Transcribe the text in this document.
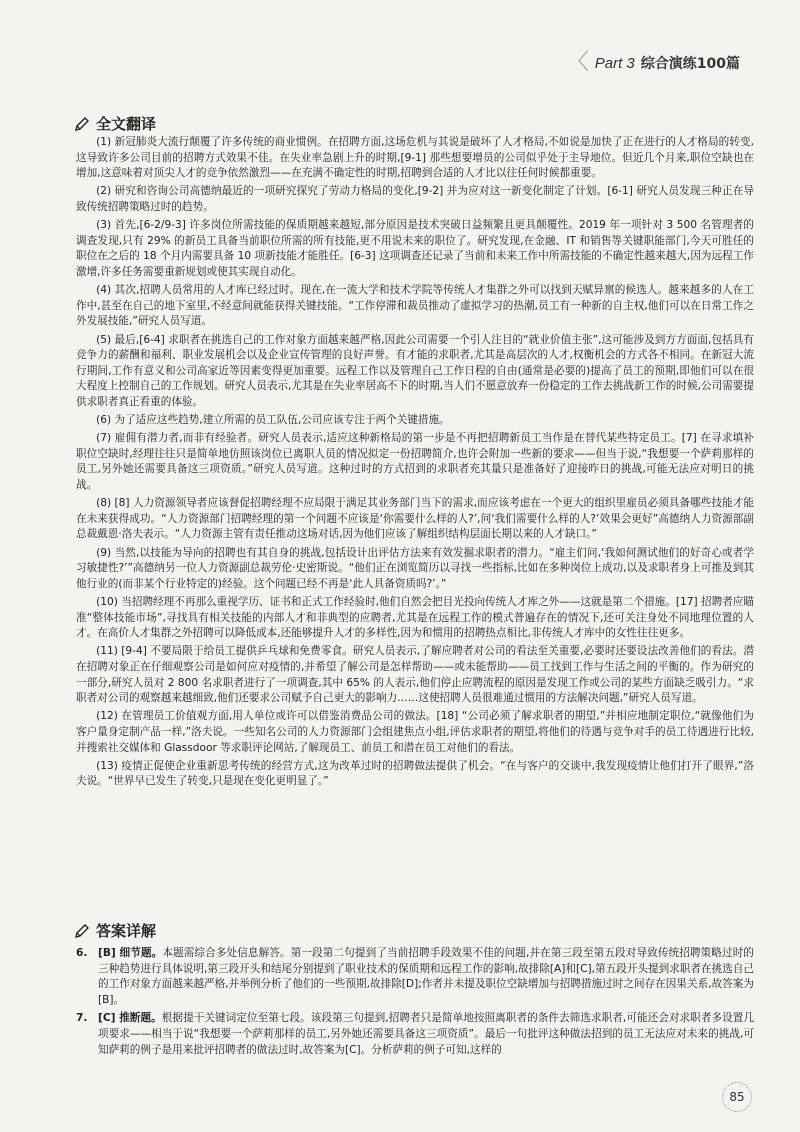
〈 Part 3 综合演练100篇
全文翻译

(1) 新冠肺炎大流行颠覆了许多传统的商业惯例。在招聘方面,这场危机与其说是破坏了人才格局,不如说是加快了正在进行的人才格局的转变,这导致许多公司目前的招聘方式效果不佳。在失业率急剧上升的时期,[9-1] 那些想要增员的公司似乎处于主导地位。但近几个月来,职位空缺也在增加,这意味着对顶尖人才的竞争依然激烈——在充满不确定性的时期,招聘到合适的人才比以往任何时候都重要。

(2) 研究和咨询公司高德纳最近的一项研究探究了劳动力格局的变化,[9-2] 并为应对这一新变化制定了计划。[6-1] 研究人员发现三种正在导致传统招聘策略过时的趋势。

(3) 首先,[6-2/9-3] 许多岗位所需技能的保质期越来越短,部分原因是技术突破日益频繁且更具颠覆性。2019 年一项针对 3 500 名管理者的调查发现,只有 29% 的新员工具备当前职位所需的所有技能,更不用说未来的职位了。研究发现,在金融、IT 和销售等关键职能部门,今天可胜任的职位在之后的 18 个月内需要具备 10 项新技能才能胜任。[6-3] 这项调查还记录了当前和未来工作中所需技能的不确定性越来越大,因为远程工作激增,许多任务需要重新规划或使其实现自动化。

(4) 其次,招聘人员常用的人才库已经过时。现在,在一流大学和技术学院等传统人才集群之外可以找到天赋异禀的候选人。越来越多的人在工作中,甚至在自己的地下室里,不经意间就能获得关键技能。“工作停滞和裁员推动了虚拟学习的热潮,员工有一种新的自主权,他们可以在日常工作之外发展技能,”研究人员写道。

(5) 最后,[6-4] 求职者在挑选自己的工作对象方面越来越严格,因此公司需要一个引人注目的“就业价值主张”,这可能涉及到方方面面,包括具有竞争力的薪酬和福利、职业发展机会以及企业宣传管理的良好声誉。有才能的求职者,尤其是高层次的人才,权衡机会的方式各不相同。在新冠大流行期间,工作有意义和公司高家近等因素变得更加重要。远程工作以及管理自己工作日程的自由(通常是必要的)提高了员工的预期,即他们可以在很大程度上控制自己的工作规划。研究人员表示,尤其是在失业率居高不下的时期,当人们不愿意放弃一份稳定的工作去挑战新工作的时候,公司需要提供求职者真正看重的体验。

(6) 为了适应这些趋势,建立所需的员工队伍,公司应该专注于两个关键措施。

(7) 雇佣有潜力者,而非有经验者。研究人员表示,适应这种新格局的第一步是不再把招聘新员工当作是在替代某些特定员工。[7] 在寻求填补职位空缺时,经理往往只是简单地仿照该岗位已离职人员的情况拟定一份招聘简介,也许会附加一些新的要求——但当于说,“我想要一个萨莉那样的员工,另外她还需要具备这三项资质。”研究人员写道。这种过时的方式招到的求职者充其量只是准备好了迎接昨日的挑战,可能无法应对明日的挑战。

(8) [8] 人力资源领导者应该督促招聘经理不应局限于满足其业务部门当下的需求,而应该考虑在一个更大的组织里雇员必须具备哪些技能才能在未来获得成功。“人力资源部门招聘经理的第一个问题不应该是‘你需要什么样的人?’,问‘我们需要什么样的人?’效果会更好”高德纳人力资源部副总裁戴恩·洛夫表示。“人力资源主管有责任推动这场对话,因为他们应该了解组织结构层面长期以来的人才缺口。”

(9) 当然,以技能为导向的招聘也有其自身的挑战,包括设计出评估方法来有效发掘求职者的潜力。“雇主们问,‘我如何测试他们的好奇心或者学习敏捷性?’”高德纳另一位人力资源副总裁劳伦·史密斯说。“他们正在浏览简历以寻找一些指标,比如在多种岗位上成功,以及求职者身上可推及到其他行业的(而非某个行业特定的)经验。这个问题已经不再是‘此人具备资质吗?’。”

(10) 当招聘经理不再那么重视学历、证书和正式工作经验时,他们自然会把目光投向传统人才库之外——这就是第二个措施。[17] 招聘者应瞄准“整体技能市场”,寻找具有相关技能的内部人才和非典型的应聘者,尤其是在远程工作的模式普遍存在的情况下,还可关注身处不同地理位置的人才。在高价人才集群之外招聘可以降低成本,还能够提升人才的多样性,因为和惯用的招聘热点相比,非传统人才库中的女性往往更多。

(11) [9-4] 不要局限于给员工提供乒乓球和免费零食。研究人员表示,了解应聘者对公司的看法至关重要,必要时还要设法改善他们的看法。潜在招聘对象正在仔细观察公司是如何应对疫情的,并希望了解公司是怎样帮助——或未能帮助——员工找到工作与生活之间的平衡的。作为研究的一部分,研究人员对 2 800 名求职者进行了一项调查,其中 65% 的人表示,他们停止应聘流程的原因是发现工作或公司的某些方面缺乏吸引力。“求职者对公司的观察越来越细致,他们还要求公司赋予自己更大的影响力……这使招聘人员很难通过惯用的方法解决问题,”研究人员写道。

(12) 在管理员工价值观方面,用人单位或许可以借鉴消费品公司的做法。[18] “公司必须了解求职者的期望,”并相应地制定职位,“就像他们为客户量身定制产品一样,”洛夫说。一些知名公司的人力资源部门会组建焦点小组,评估求职者的期望,将他们的待遇与竞争对手的员工待遇进行比较,并搜索社交媒体和 Glassdoor 等求职评论网站,了解现员工、前员工和潜在员工对他们的看法。

(13) 疫情正促使企业重新思考传统的经营方式,这为改革过时的招聘做法提供了机会。“在与客户的交谈中,我发现疫情让他们打开了眼界,”洛夫说。“世界早已发生了转变,只是现在变化更明显了。”

答案详解
6. [B] 细节题。本题需综合多处信息解答。第一段第二句提到了当前招聘手段效果不佳的问题,并在第三段至第五段对导致传统招聘策略过时的三种趋势进行具体说明,第三段开头和结尾分别提到了职业技术的保质期和远程工作的影响,故排除[A]和[C],第五段开头提到求职者在挑选自己的工作对象方面越来越严格,并举例分析了他们的一些预期,故排除[D];作者并未提及职位空缺增加与招聘措施过时之间存在因果关系,故答案为[B]。
7. [C] 推断题。根据提干关键词定位至第七段。该段第三句提到,招聘者只是简单地按照离职者的条件去筛选求职者,可能还会对求职者多设置几项要求——相当于说“我想要一个萨莉那样的员工,另外她还需要具备这三项资质”。最后一句批评这种做法招到的员工无法应对未来的挑战,可知萨莉的例子是用来批评招聘者的做法过时,故答案为[C]。分析萨莉的例子可知,这样的
85
